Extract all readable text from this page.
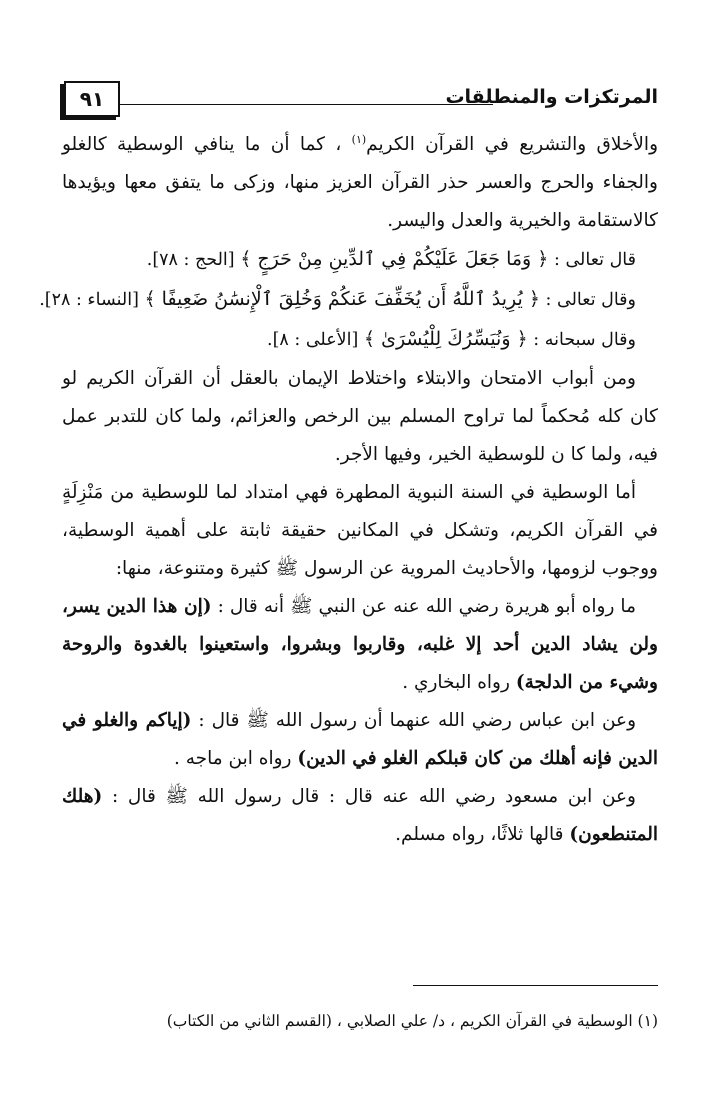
المرتكزات والمنطلقات
٩١

والأخلاق والتشريع في القرآن الكريم$^{(١)}$ ، كما أن ما ينافي الوسطية كالغلو والجفاء والحرج والعسر حذر القرآن العزيز منها، وزكى ما يتفق معها ويؤيدها كالاستقامة والخيرية والعدل واليسر.

قال تعالى : ﴿ وَمَا جَعَلَ عَلَيْكُمْ فِي ٱلدِّينِ مِنْ حَرَجٍ ﴾ [الحج : ٧٨].

وقال تعالى : ﴿ يُرِيدُ ٱللَّهُ أَن يُخَفِّفَ عَنكُمْ وَخُلِقَ ٱلْإِنسَٰنُ ضَعِيفًا ﴾ [النساء : ٢٨].

وقال سبحانه : ﴿ وَنُيَسِّرُكَ لِلْيُسْرَىٰ ﴾ [الأعلى : ٨].

ومن أبواب الامتحان والابتلاء واختلاط الإيمان بالعقل أن القرآن الكريم لو كان كله مُحكماً لما تراوح المسلم بين الرخص والعزائم، ولما كان للتدبر عمل فيه، ولما كا ن للوسطية الخير، وفيها الأجر.

أما الوسطية في السنة النبوية المطهرة فهي امتداد لما للوسطية من مَنْزِلَةٍ في القرآن الكريم، وتشكل في المكانين حقيقة ثابتة على أهمية الوسطية، ووجوب لزومها، والأحاديث المروية عن الرسول ﷺ كثيرة ومتنوعة، منها:

ما رواه أبو هريرة رضي الله عنه عن النبي ﷺ أنه قال : (إن هذا الدين يسر، ولن يشاد الدين أحد إلا غلبه، وقاربوا وبشروا، واستعينوا بالغدوة والروحة وشيء من الدلجة) رواه البخاري .

وعن ابن عباس رضي الله عنهما أن رسول الله ﷺ قال : (إياكم والغلو في الدين فإنه أهلك من كان قبلكم الغلو في الدين) رواه ابن ماجه .

وعن ابن مسعود رضي الله عنه قال : قال رسول الله ﷺ قال : (هلك المتنطعون) قالها ثلاثًا، رواه مسلم.

(١) الوسطية في القرآن الكريم ، د/ علي الصلابي ، (القسم الثاني من الكتاب)
